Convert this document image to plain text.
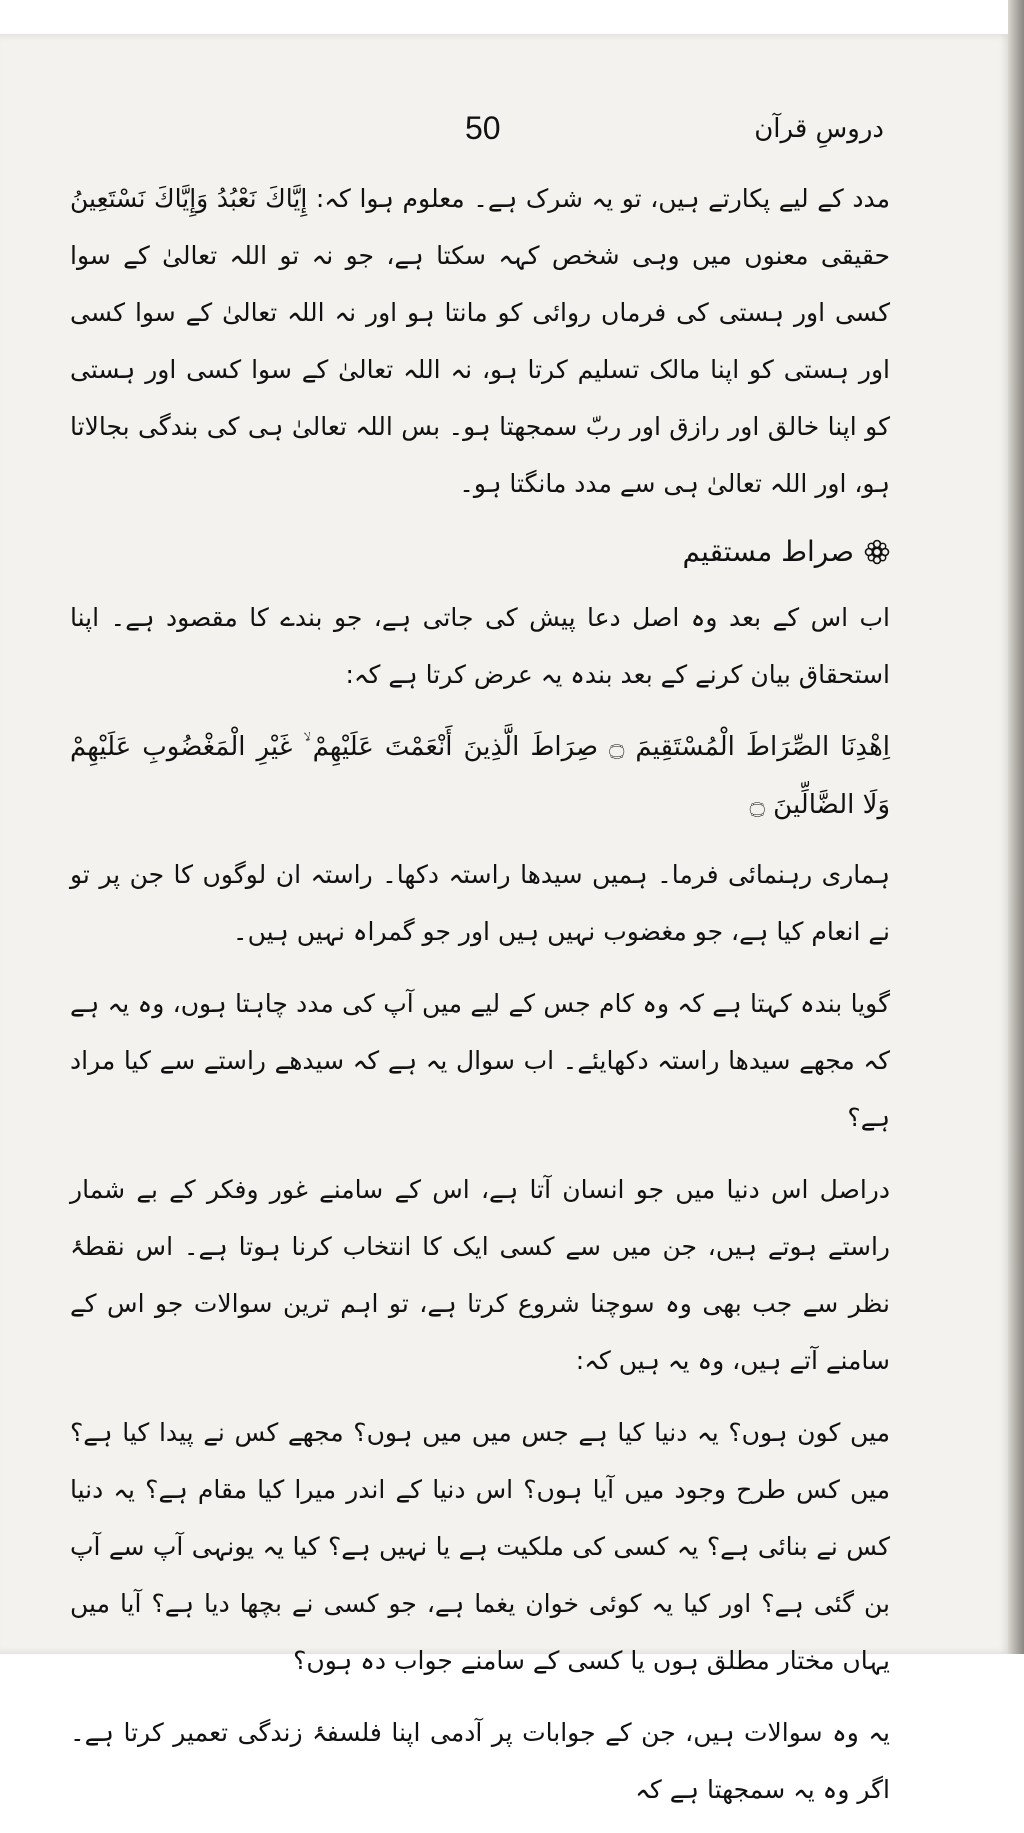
دروسِ قرآن
50

مدد کے لیے پکارتے ہیں، تو یہ شرک ہے۔ معلوم ہوا کہ: إِيَّاكَ نَعْبُدُ وَإِيَّاكَ نَسْتَعِينُ حقیقی معنوں میں وہی شخص کہہ سکتا ہے، جو نہ تو اللہ تعالیٰ کے سوا کسی اور ہستی کی فرماں روائی کو مانتا ہو اور نہ اللہ تعالیٰ کے سوا کسی اور ہستی کو اپنا مالک تسلیم کرتا ہو، نہ اللہ تعالیٰ کے سوا کسی اور ہستی کو اپنا خالق اور رازق اور ربّ سمجھتا ہو۔ بس اللہ تعالیٰ ہی کی بندگی بجالاتا ہو، اور اللہ تعالیٰ ہی سے مدد مانگتا ہو۔

صراط مستقیم

اب اس کے بعد وہ اصل دعا پیش کی جاتی ہے، جو بندے کا مقصود ہے۔ اپنا استحقاق بیان کرنے کے بعد بندہ یہ عرض کرتا ہے کہ:

اِهْدِنَا الصِّرَاطَ الْمُسْتَقِيمَ ۝ صِرَاطَ الَّذِينَ أَنْعَمْتَ عَلَيْهِمْ ۙ غَيْرِ الْمَغْضُوبِ عَلَيْهِمْ وَلَا الضَّالِّينَ ۝

ہماری رہنمائی فرما۔ ہمیں سیدھا راستہ دکھا۔ راستہ ان لوگوں کا جن پر تو نے انعام کیا ہے، جو مغضوب نہیں ہیں اور جو گمراہ نہیں ہیں۔

گویا بندہ کہتا ہے کہ وہ کام جس کے لیے میں آپ کی مدد چاہتا ہوں، وہ یہ ہے کہ مجھے سیدھا راستہ دکھایئے۔ اب سوال یہ ہے کہ سیدھے راستے سے کیا مراد ہے؟

دراصل اس دنیا میں جو انسان آتا ہے، اس کے سامنے غور وفکر کے بے شمار راستے ہوتے ہیں، جن میں سے کسی ایک کا انتخاب کرنا ہوتا ہے۔ اس نقطۂ نظر سے جب بھی وہ سوچنا شروع کرتا ہے، تو اہم ترین سوالات جو اس کے سامنے آتے ہیں، وہ یہ ہیں کہ:

میں کون ہوں؟ یہ دنیا کیا ہے جس میں میں ہوں؟ مجھے کس نے پیدا کیا ہے؟ میں کس طرح وجود میں آیا ہوں؟ اس دنیا کے اندر میرا کیا مقام ہے؟ یہ دنیا کس نے بنائی ہے؟ یہ کسی کی ملکیت ہے یا نہیں ہے؟ کیا یہ یونہی آپ سے آپ بن گئی ہے؟ اور کیا یہ کوئی خوان یغما ہے، جو کسی نے بچھا دیا ہے؟ آیا میں یہاں مختار مطلق ہوں یا کسی کے سامنے جواب دہ ہوں؟

یہ وہ سوالات ہیں، جن کے جوابات پر آدمی اپنا فلسفۂ زندگی تعمیر کرتا ہے۔ اگر وہ یہ سمجھتا ہے کہ
